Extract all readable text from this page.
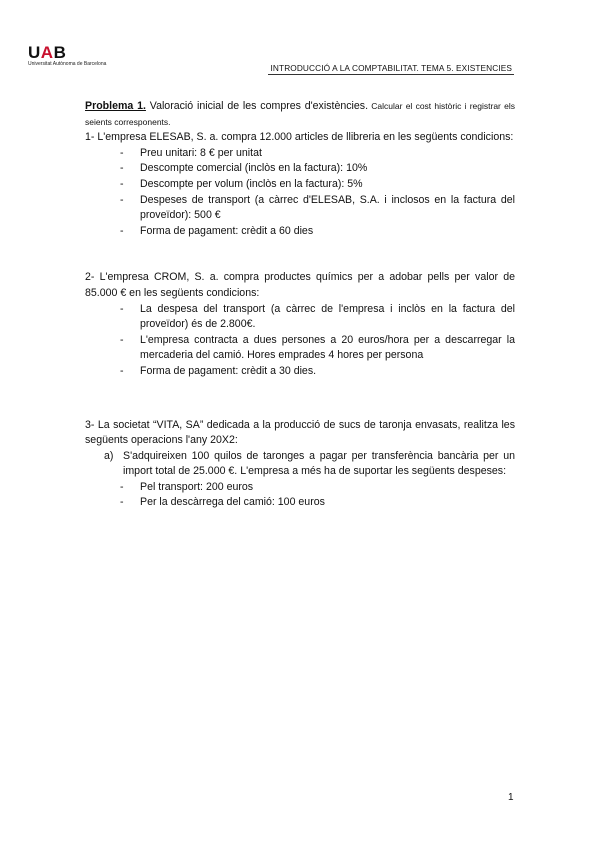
UAB
Universitat Autònoma de Barcelona	INTRODUCCIÓ A LA COMPTABILITAT. TEMA 5. EXISTENCIES

Problema 1. Valoració inicial de les compres d'existències. Calcular el cost històric i registrar els seients corresponents.

1- L'empresa ELESAB, S. a. compra 12.000 articles de llibreria en les següents condicions:

- Preu unitari: 8 € per unitat
- Descompte comercial (inclòs en la factura): 10%
- Descompte per volum (inclòs en la factura): 5%
- Despeses de transport (a càrrec d'ELESAB, S.A. i inclosos en la factura del proveïdor): 500 €
- Forma de pagament: crèdit a 60 dies

2- L'empresa CROM, S. a. compra productes químics per a adobar pells per valor de 85.000 € en les següents condicions:

- La despesa del transport (a càrrec de l'empresa i inclòs en la factura del proveïdor) és de 2.800€.
- L'empresa contracta a dues persones a 20 euros/hora per a descarregar la mercaderia del camió. Hores emprades 4 hores per persona
- Forma de pagament: crèdit a 30 dies.

3- La societat “VITA, SA” dedicada a la producció de sucs de taronja envasats, realitza les següents operacions l'any 20X2:

a) S'adquireixen 100 quilos de taronges a pagar per transferència bancària per un import total de 25.000 €. L'empresa a més ha de suportar les següents despeses:

- Pel transport: 200 euros
- Per la descàrrega del camió: 100 euros
1
